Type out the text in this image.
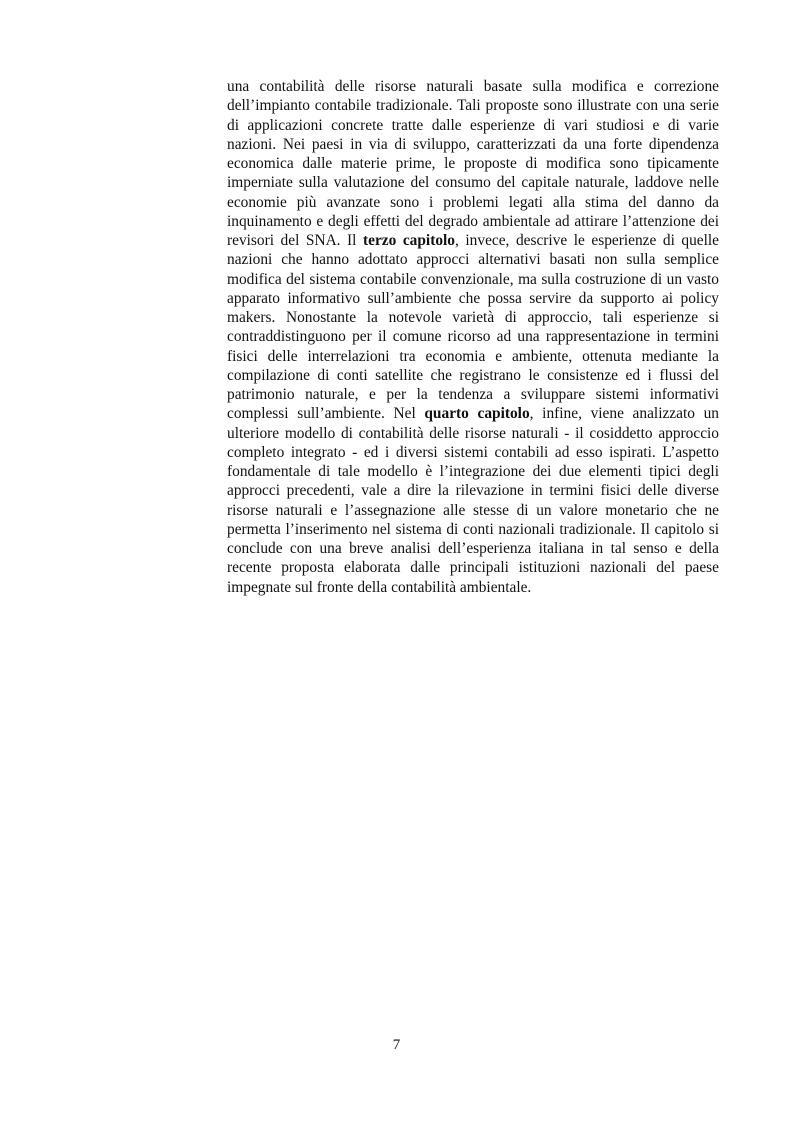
una contabilità delle risorse naturali basate sulla modifica e correzione dell’impianto contabile tradizionale. Tali proposte sono illustrate con una serie di applicazioni concrete tratte dalle esperienze di vari studiosi e di varie nazioni. Nei paesi in via di sviluppo, caratterizzati da una forte dipendenza economica dalle materie prime, le proposte di modifica sono tipicamente imperniate sulla valutazione del consumo del capitale naturale, laddove nelle economie più avanzate sono i problemi legati alla stima del danno da inquinamento e degli effetti del degrado ambientale ad attirare l’attenzione dei revisori del SNA. Il terzo capitolo, invece, descrive le esperienze di quelle nazioni che hanno adottato approcci alternativi basati non sulla semplice modifica del sistema contabile convenzionale, ma sulla costruzione di un vasto apparato informativo sull’ambiente che possa servire da supporto ai policy makers. Nonostante la notevole varietà di approccio, tali esperienze si contraddistinguono per il comune ricorso ad una rappresentazione in termini fisici delle interrelazioni tra economia e ambiente, ottenuta mediante la compilazione di conti satellite che registrano le consistenze ed i flussi del patrimonio naturale, e per la tendenza a sviluppare sistemi informativi complessi sull’ambiente. Nel quarto capitolo, infine, viene analizzato un ulteriore modello di contabilità delle risorse naturali - il cosiddetto approccio completo integrato - ed i diversi sistemi contabili ad esso ispirati. L’aspetto fondamentale di tale modello è l’integrazione dei due elementi tipici degli approcci precedenti, vale a dire la rilevazione in termini fisici delle diverse risorse naturali e l’assegnazione alle stesse di un valore monetario che ne permetta l’inserimento nel sistema di conti nazionali tradizionale. Il capitolo si conclude con una breve analisi dell’esperienza italiana in tal senso e della recente proposta elaborata dalle principali istituzioni nazionali del paese impegnate sul fronte della contabilità ambientale.

7
